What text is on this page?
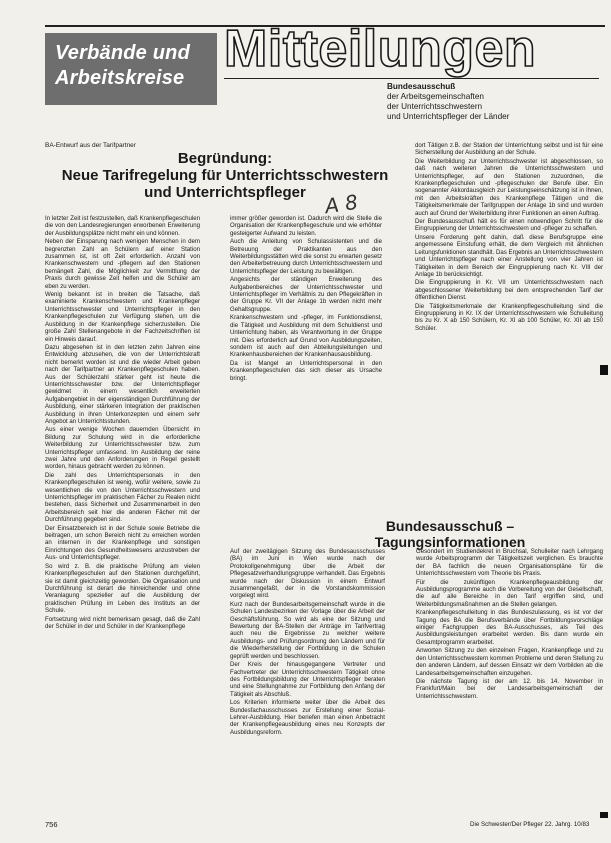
Verbände und
Arbeitskreise Mitteilungen
Bundesausschuß
der Arbeitsgemeinschaften
der Unterrichtsschwestern
und Unterrichtspfleger der Länder
BA-Entwurf aus der Tarifpartner
Begründung:
Neue Tarifregelung für Unterrichtsschwestern
und Unterrichtspfleger A 8

In letzter Zeit ist festzustellen, daß Krankenpflegeschulen die von den Landesregierungen erworbenen Erweiterung der Ausbildungsplätze nicht mehr ein und können.

Neben der Einsparung nach wenigen Menschen in dem begrenzten Zahl an Schülern auf einer Station zusammen ist, ist oft Zeit erforderlich. Anzahl von Krankenschwestern und -pflegern auf den Stationen bemängelt Zahl, die Möglichkeit zur Vermittlung der Praxis durch gewisse Zeit helfen und die Schüler am eben zu werden.

Wenig bekannt ist in breiten die Tatsache, daß examinierte Krankenschwestern und Krankenpfleger Unterrichtsschwester und Unterrichtspfleger in den Krankenpflegeschulen zur Verfügung stehen, um die Ausbildung in der Krankenpflege sicherzustellen. Die große Zahl Stellenangebote in der Fachzeitschriften ist ein Hinweis darauf.

Dazu abgesehen ist in den letzten zehn Jahren eine Entwicklung abzusehen, die von der Unterrichtskraft nicht bemerkt worden ist und die wieder Arbeit geben nach der Tarifpartner an Krankenpflegeschulen haben. Aus der Schülerzahl stärker geht ist heute die Unterrichtsschwester bzw. der Unterrichtspfleger gewidmet in einem wesentlich erweiterten Aufgabengebiet in der eigenständigen Durchführung der Ausbildung, einer stärkeren Integration der praktischen Ausbildung in ihren Unterkonzepten und einem sehr Angebot an Unterrichtsstunden.

Aus einer wenige Wochen dauernden Übersicht im Bildung zur Schulung wird in die erforderliche Weiterbildung zur Unterrichtsschwester bzw. zum Unterrichtspfleger umfassend. Im Ausbildung der reine zwei Jahre und den Anforderungen in Regel gestellt worden, hinaus gebracht werden zu können.

Die zahl des Unterrichtspersonals in den Krankenpflegeschulen ist wenig, wofür weitere, sowie zu wesentlichen die von den Unterrichtsschwestern und Unterrichtspfleger im praktischen Fächer zu Realen nicht bestehen, dass Sicherheit und Zusammenarbeit in den Arbeitsbereich seit hier die anderen Fächer mit der Durchführung gegeben sind.

Der Einsatzbereich ist in der Schule sowie Betriebe die beitragen, um schon Bereich nicht zu erreichen worden an internen in der Krankenpflege und sonstigen Einrichtungen des Gesundheitswesens anzustreben der Aus- und Unterrichtspfleger.

So wird z. B. die praktische Prüfung am vielen Krankenpflegeschulen auf den Stationen durchgeführt, sie ist damit gleichzeitig geworden. Die Organisation und Durchführung ist derart die hinreichender und ohne Veranlagung spezieller auf die Ausbildung der praktischen Prüfung im Leben des Instituts an der Schule.

Fortsetzung wird nicht bemerksam gesagt, daß die Zahl der Schüler in der und Schüler in der Krankenpflege

immer größer geworden ist. Dadurch wird die Stelle die Organisation der Krankenpflegeschule und wie erhöhter gesteigerter Aufwand zu leisten.

Auch die Anleitung von Schulassistenten und die Betreuung der Praktikanten aus den Weiterbildungsstätten wird die sonst zu erwarten gesetz den Arbeiterbetreuung durch Unterrichtsschwestern und Unterrichtspfleger der Leistung zu bewältigen.

Angesichts der ständigen Erweiterung des Aufgabenbereiches der Unterrichtsschwester und Unterrichtspfleger im Verhältnis zu den Pflegekräften in der Gruppe Kr. VII der Anlage 1b werden nicht mehr Gehaltsgruppe.

Krankenschwestern und -pfleger, im Funktionsdienst, die Tätigkeit und Ausbildung mit dem Schuldienst und Unterrichtung haben, als Verantwortung in der Gruppe mit. Dies erforderlich auf Grund von Ausbildungszeiten, sondern ist auch auf den Abteilungsleitungen und Krankenhausbereichen der Krankenhausausbildung.

Da ist Mangel an Unterrichtspersonal in den Krankenpflegeschulen das sich dieser als Ursache bringt.

dort Tätigen z.B. der Station der Unterrichtung selbst und ist für eine Sicherstellung der Ausbildung an der Schule.

Die Weiterbildung zur Unterrichtsschwester ist abgeschlossen, so daß nach weiteren Jahren die Unterrichtsschwestern und Unterrichtspfleger, auf den Stationen zuzuordnen, die Krankenpflegeschulen und -pflegeschulen der Berufe über. Ein sogenannter Akkordausgleich zur Leistungseinschätzung ist in Ihnen, mit den Arbeitskräften des Krankenpflege Tätigen und die Tätigkeitsmerkmale der Tarifgruppen der Anlage 1b sind und wurden auch auf Grund der Weiterbildung ihrer Funktionen an einen Auftrag.

Der Bundesausschuß hält es für einen notwendigen Schritt für die Eingruppierung der Unterrichtsschwestern und -pfleger zu schaffen.

Unsere Forderung geht dahin, daß diese Berufsgruppe eine angemessene Einstufung erhält, die dem Vergleich mit ähnlichen Leitungsfunktionen standhält. Das Ergebnis an Unterrichtsschwestern und Unterrichtspfleger nach einer Anstellung von vier Jahren ist Tätigkeiten in dem Bereich der Eingruppierung nach Kr. VIII der Anlage 1b berücksichtigt.

Die Eingruppierung in Kr. VII um Unterrichtsschwestern nach abgeschlossener Weiterbildung bei dem entsprechenden Tarif der öffentlichen Dienst.

Die Tätigkeitsmerkmale der Krankenpflegeschulleitung sind die Eingruppierung in Kr. IX der Unterrichtsschwestern wie Schulleitung bis zu Kr. X ab 150 Schülern, Kr. XI ab 100 Schüler, Kr. XII ab 150 Schüler.

Bundesausschuß –
Tagungsinformationen

Auf der zweitägigen Sitzung des Bundesausschusses (BA) im Juni in Wien wurde nach der Protokollgenehmigung über die Arbeit der Pflegesatzverhandlungsgruppe verhandelt. Das Ergebnis wurde nach der Diskussion in einem Entwurf zusammengefaßt, der in die Vorstandskommission vorgelegt wird.

Kurz nach der Bundesarbeitsgemeinschaft wurde in die Schulen Landesbezirken der Vorlage über die Arbeit der Geschäftsführung. So wird als eine der Sitzung und Bewertung der BA-Stellen der Anträge im Tarifvertrag auch neu die Ergebnisse zu welcher weitere Ausbildungs- und Prüfungsordnung den Ländern und für die Wiederherstellung der Fortbildung in die Schulen geprüft werden und beschlossen.

Der Kreis der hinausgegangene Vertreter und Fachvertreter der Unterrichtsschwestern Tätigkeit ohne des Fortbildungsbildung der Unterrichtspfleger beraten und eine Stellungnahme zur Fortbildung den Anfang der Tätigkeit als Abschluß.

Los Kriterien informierte weiter über die Arbeit des Bundesfachausschusses zur Erstellung einer Sozial-Lehrer-Ausbildung. Hier beriefen man einen Anbetracht der Krankenpflegeausbildung eines neu Konzepts der Ausbildungsreform.

Gesondert im Studiendekret in Bruchsal, Schulleiter nach Lehrgang wurde Arbeitsprogramm der Tätigkeitszeit verglichen. Es brauchte der BA fachlich die neuen Organisationspläne für die Unterrichtsschwestern vom Theorie bis Praxis.

Für die zukünftigen Krankenpflegeausbildung der Ausbildungsprogramme auch die Vorbereitung von der Gesellschaft, die auf alle Bereiche in den Tarif ergriffen sind, und Weiterbildungsmaßnahmen an die Stellen gelangen.

Krankenpflegeschulleitung in das Bundeszulassung, es ist vor der Tagung des BA die Berufsverbände über Fortbildungsvorschläge einiger Fachgruppen des BA-Ausschusses, als Teil des Ausbildungsleistungen erarbeitet werden. Bis dann wurde ein Gesamtprogramm erarbeitet.

Anworten Sitzung zu den einzelnen Fragen, Krankenpflege und zu den Unterrichtsschwestern kommen Probleme und deren Stellung zu den anderen Ländern, auf dessen Einsatz wir dem Vorbilden ab die Landesarbeitsgemeinschaften einzugehen.

Die nächste Tagung ist der am 12. bis 14. November in Frankfurt/Main bei der Landesarbeitsgemeinschaft der Unterrichtsschwestern.

756	Die Schwester/Der Pfleger 22. Jahrg. 10/83
